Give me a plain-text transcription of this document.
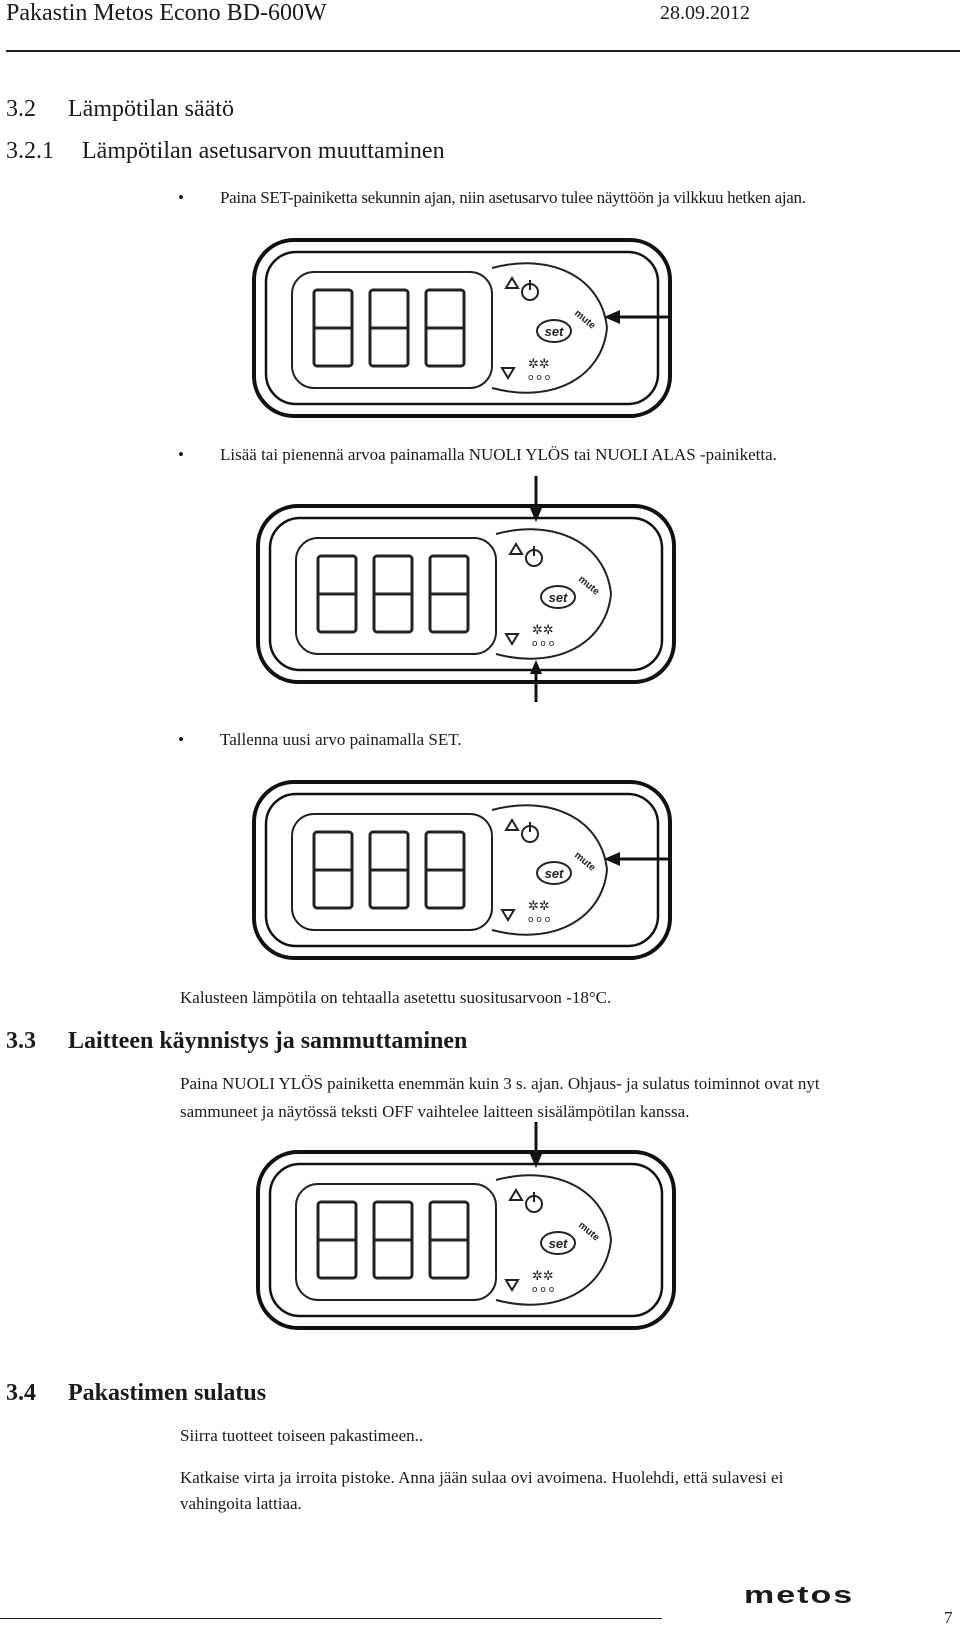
Pakastin Metos Econo BD-600W	28.09.2012
3.2 Lämpötilan säätö
3.2.1 Lämpötilan asetusarvon muuttaminen
• Paina SET-painiketta sekunnin ajan, niin asetusarvo tulee näyttöön ja vilkkuu hetken ajan.
• Lisää tai pienennä arvoa painamalla NUOLI YLÖS tai NUOLI ALAS -painiketta.
• Tallenna uusi arvo painamalla SET.
Kalusteen lämpötila on tehtaalla asetettu suositusarvoon -18°C.
3.3 Laitteen käynnistys ja sammuttaminen
Paina NUOLI YLÖS painiketta enemmän kuin 3 s. ajan. Ohjaus- ja sulatus toiminnot ovat nyt
sammuneet ja näytössä teksti OFF vaihtelee laitteen sisälämpötilan kanssa.
3.4 Pakastimen sulatus
Siirra tuotteet toiseen pakastimeen..
Katkaise virta ja irroita pistoke. Anna jään sulaa ovi avoimena. Huolehdi, että sulavesi ei
vahingoita lattiaa.
metos
7
